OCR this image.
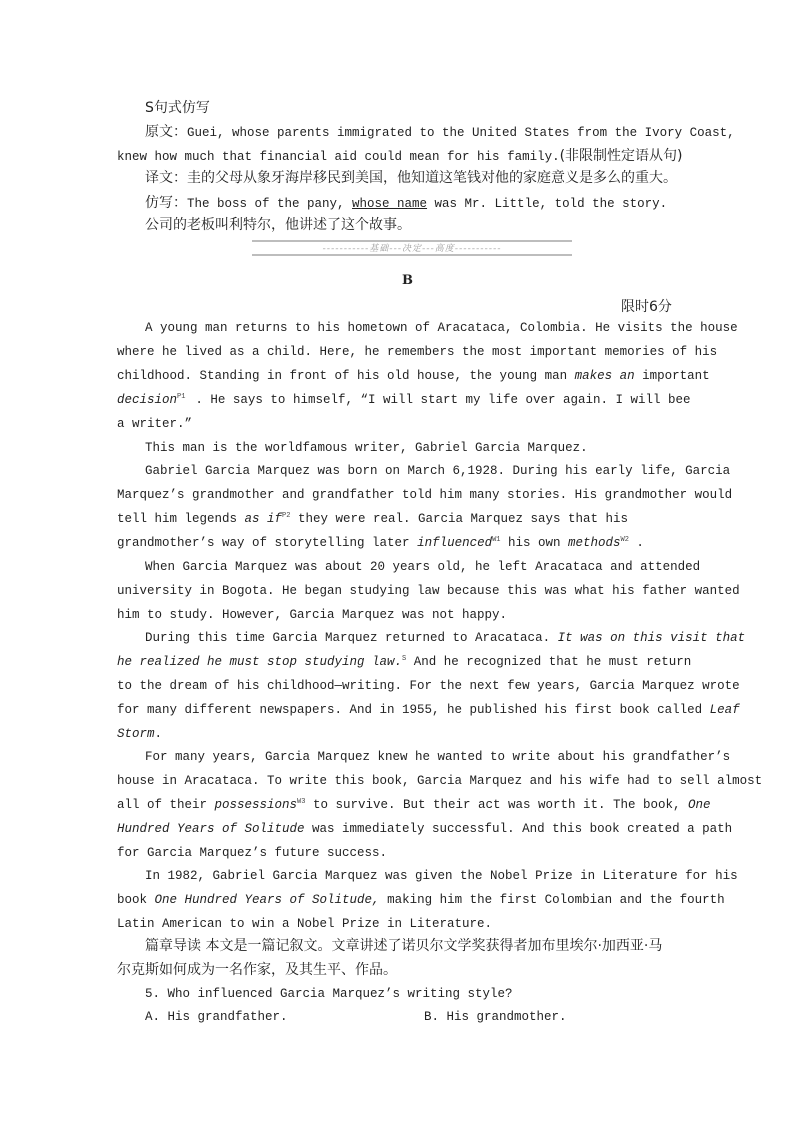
S句式仿写
原文：Guei, whose parents immigrated to the United States from the Ivory Coast,
knew how much that financial aid could mean for his family.(非限制性定语从句)
译文：圭的父母从象牙海岸移民到美国，他知道这笔钱对他的家庭意义是多么的重大。
仿写：The boss of the pany, whose name was Mr. Little, told the story.
公司的老板叫利特尔，他讲述了这个故事。
-----------基础---决定---高度-----------
B
限时6分
A young man returns to his hometown of Aracataca, Colombia. He visits the house
where he lived as a child. Here, he remembers the most important memories of his
childhood. Standing in front of his old house, the young man makes an important
decision$^{P1}$ . He says to himself, “I will start my life over again. I will bee
a writer.”
This man is the worldfamous writer, Gabriel Garcia Marquez.
Gabriel Garcia Marquez was born on March 6,1928. During his early life, Garcia
Marquez’s grandmother and grandfather told him many stories. His grandmother would
tell him legends as $if^{P2}$ they were real. Garcia Marquez says that his
grandmother’s way of storytelling later influenced$^{W1}$ his own methods$^{W2}$ .
When Garcia Marquez was about 20 years old, he left Aracataca and attended
university in Bogota. He began studying law because this was what his father wanted
him to study. However, Garcia Marquez was not happy.
During this time Garcia Marquez returned to Aracataca. It was on this visit that
he realized he must stop studying law.$^S$ And he recognized that he must return
to the dream of his childhood—writing. For the next few years, Garcia Marquez wrote
for many different newspapers. And in 1955, he published his first book called Leaf
Storm.
For many years, Garcia Marquez knew he wanted to write about his grandfather’s
house in Aracataca. To write this book, Garcia Marquez and his wife had to sell almost
all of their possessions$^{W3}$ to survive. But their act was worth it. The book, One
Hundred Years of Solitude was immediately successful. And this book created a path
for Garcia Marquez’s future success.
In 1982, Gabriel Garcia Marquez was given the Nobel Prize in Literature for his
book One Hundred Years of Solitude, making him the first Colombian and the fourth
Latin American to win a Nobel Prize in Literature.
篇章导读 本文是一篇记叙文。文章讲述了诺贝尔文学奖获得者加布里埃尔·加西亚·马
尔克斯如何成为一名作家，及其生平、作品。
5. Who influenced Garcia Marquez’s writing style?
A. His grandfather.	B. His grandmother.
